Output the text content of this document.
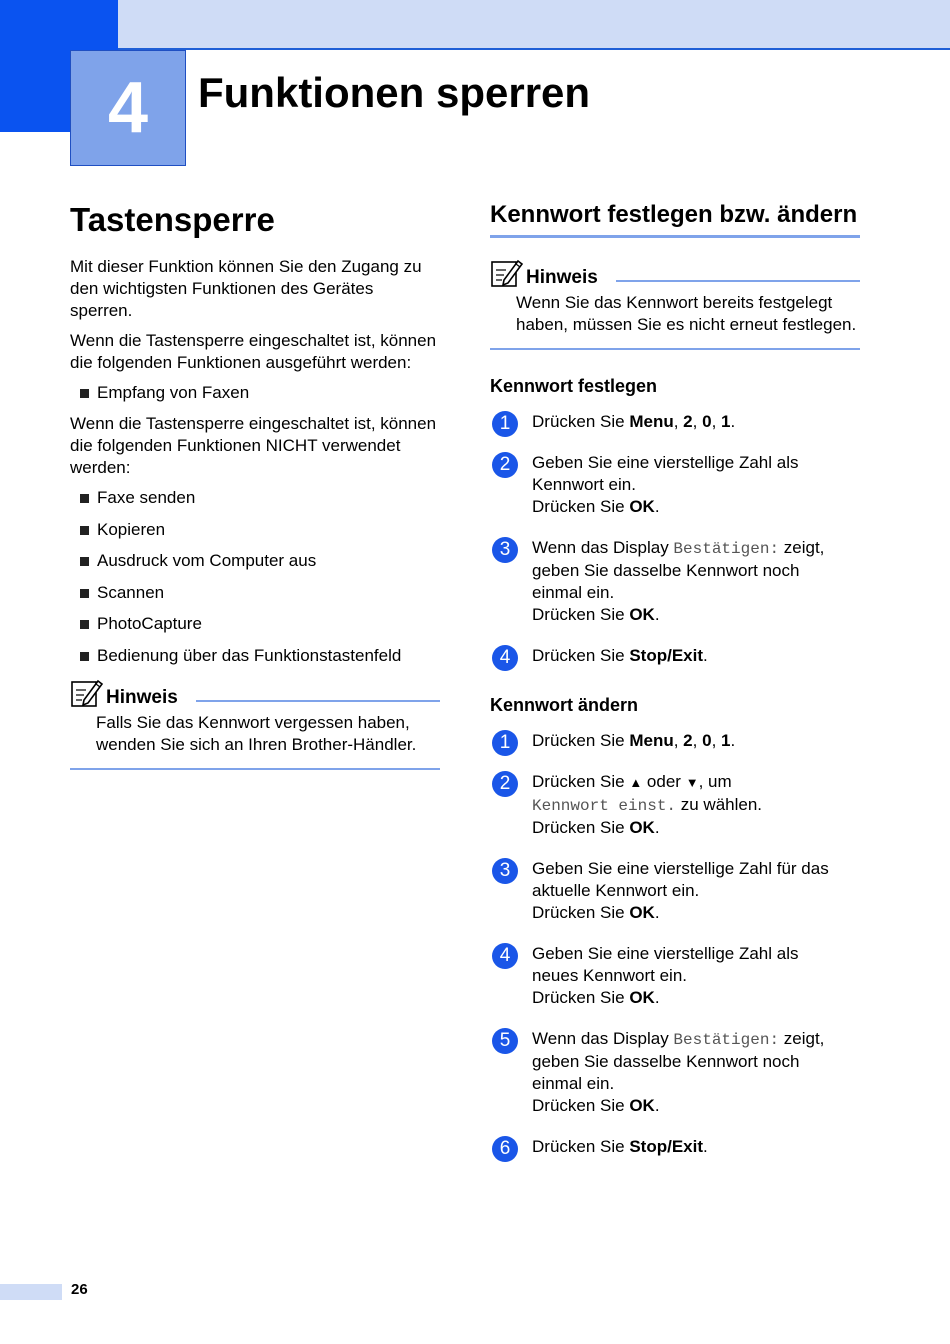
4	Funktionen sperren
Tastensperre

Mit dieser Funktion können Sie den Zugang zu den wichtigsten Funktionen des Gerätes sperren.

Wenn die Tastensperre eingeschaltet ist, können die folgenden Funktionen ausgeführt werden:

Empfang von Faxen

Wenn die Tastensperre eingeschaltet ist, können die folgenden Funktionen NICHT verwendet werden:

Faxe senden
Kopieren
Ausdruck vom Computer aus
Scannen
PhotoCapture
Bedienung über das Funktionstastenfeld
Hinweis

Falls Sie das Kennwort vergessen haben, wenden Sie sich an Ihren Brother-Händler.

Kennwort festlegen bzw. ändern
Hinweis

Wenn Sie das Kennwort bereits festgelegt haben, müssen Sie es nicht erneut festlegen.

Kennwort festlegen
1	Drücken Sie Menu, 2, 0, 1.
2	Geben Sie eine vierstellige Zahl als
Kennwort ein.
Drücken Sie OK.
3	Wenn das Display Bestätigen: zeigt,
geben Sie dasselbe Kennwort noch
einmal ein.
Drücken Sie OK.
4	Drücken Sie Stop/Exit.
Kennwort ändern
1	Drücken Sie Menu, 2, 0, 1.
2	Drücken Sie ▲ oder ▼, um
Kennwort einst. zu wählen.
Drücken Sie OK.
3	Geben Sie eine vierstellige Zahl für das
aktuelle Kennwort ein.
Drücken Sie OK.
4	Geben Sie eine vierstellige Zahl als
neues Kennwort ein.
Drücken Sie OK.
5	Wenn das Display Bestätigen: zeigt,
geben Sie dasselbe Kennwort noch
einmal ein.
Drücken Sie OK.
6	Drücken Sie Stop/Exit.
26
